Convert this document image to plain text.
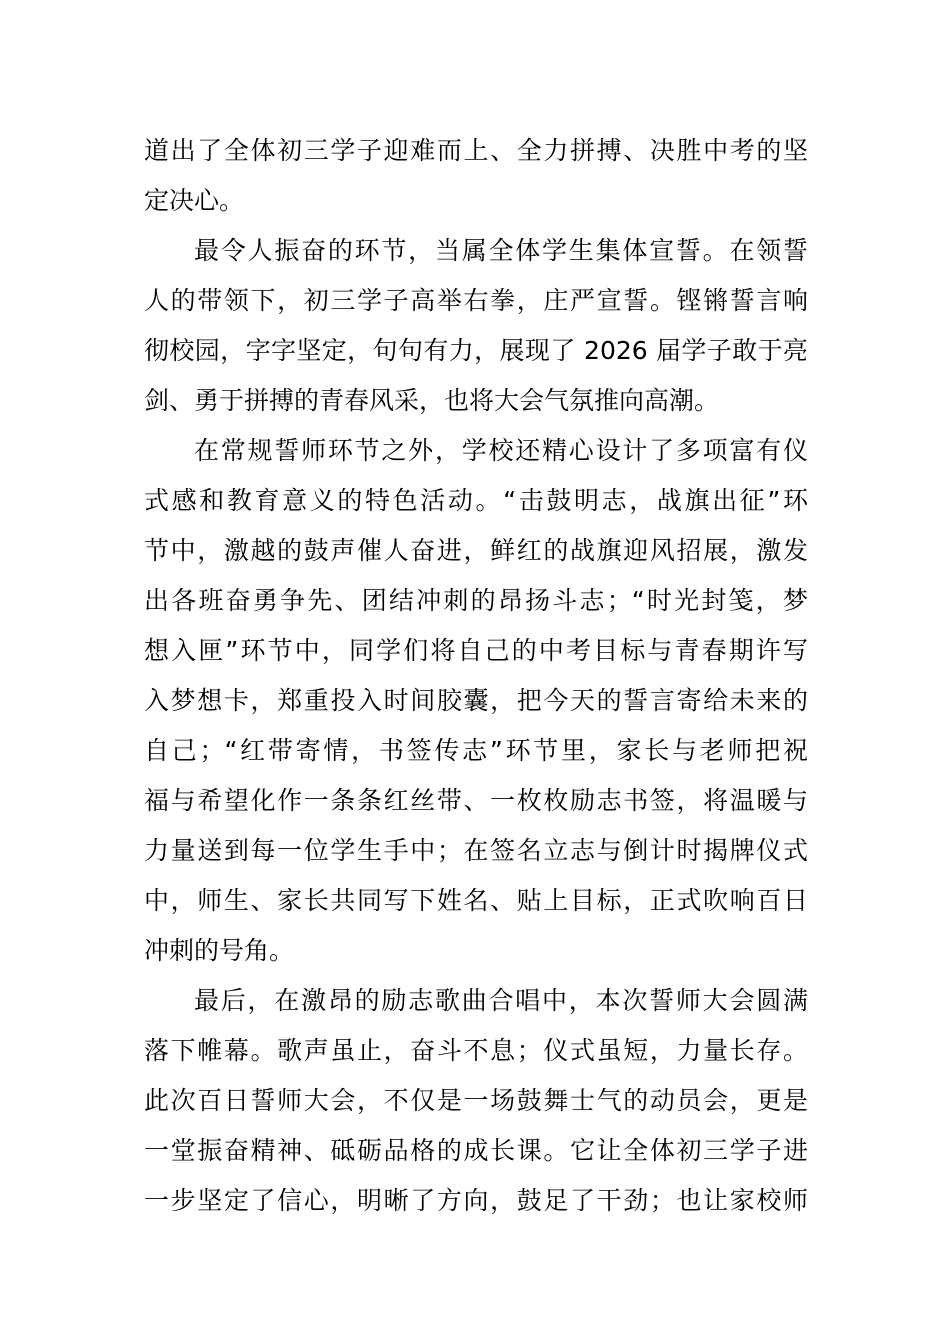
道出了全体初三学子迎难而上、全力拼搏、决胜中考的坚
定决心。
最令人振奋的环节，当属全体学生集体宣誓。在领誓
人的带领下，初三学子高举右拳，庄严宣誓。铿锵誓言响
彻校园，字字坚定，句句有力，展现了 2026 届学子敢于亮
剑、勇于拼搏的青春风采，也将大会气氛推向高潮。
在常规誓师环节之外，学校还精心设计了多项富有仪
式感和教育意义的特色活动。“击鼓明志，战旗出征”环
节中，激越的鼓声催人奋进，鲜红的战旗迎风招展，激发
出各班奋勇争先、团结冲刺的昂扬斗志；“时光封笺，梦
想入匣”环节中，同学们将自己的中考目标与青春期许写
入梦想卡，郑重投入时间胶囊，把今天的誓言寄给未来的
自己；“红带寄情，书签传志”环节里，家长与老师把祝
福与希望化作一条条红丝带、一枚枚励志书签，将温暖与
力量送到每一位学生手中；在签名立志与倒计时揭牌仪式
中，师生、家长共同写下姓名、贴上目标，正式吹响百日
冲刺的号角。
最后，在激昂的励志歌曲合唱中，本次誓师大会圆满
落下帷幕。歌声虽止，奋斗不息；仪式虽短，力量长存。
此次百日誓师大会，不仅是一场鼓舞士气的动员会，更是
一堂振奋精神、砥砺品格的成长课。它让全体初三学子进
一步坚定了信心，明晰了方向，鼓足了干劲；也让家校师
